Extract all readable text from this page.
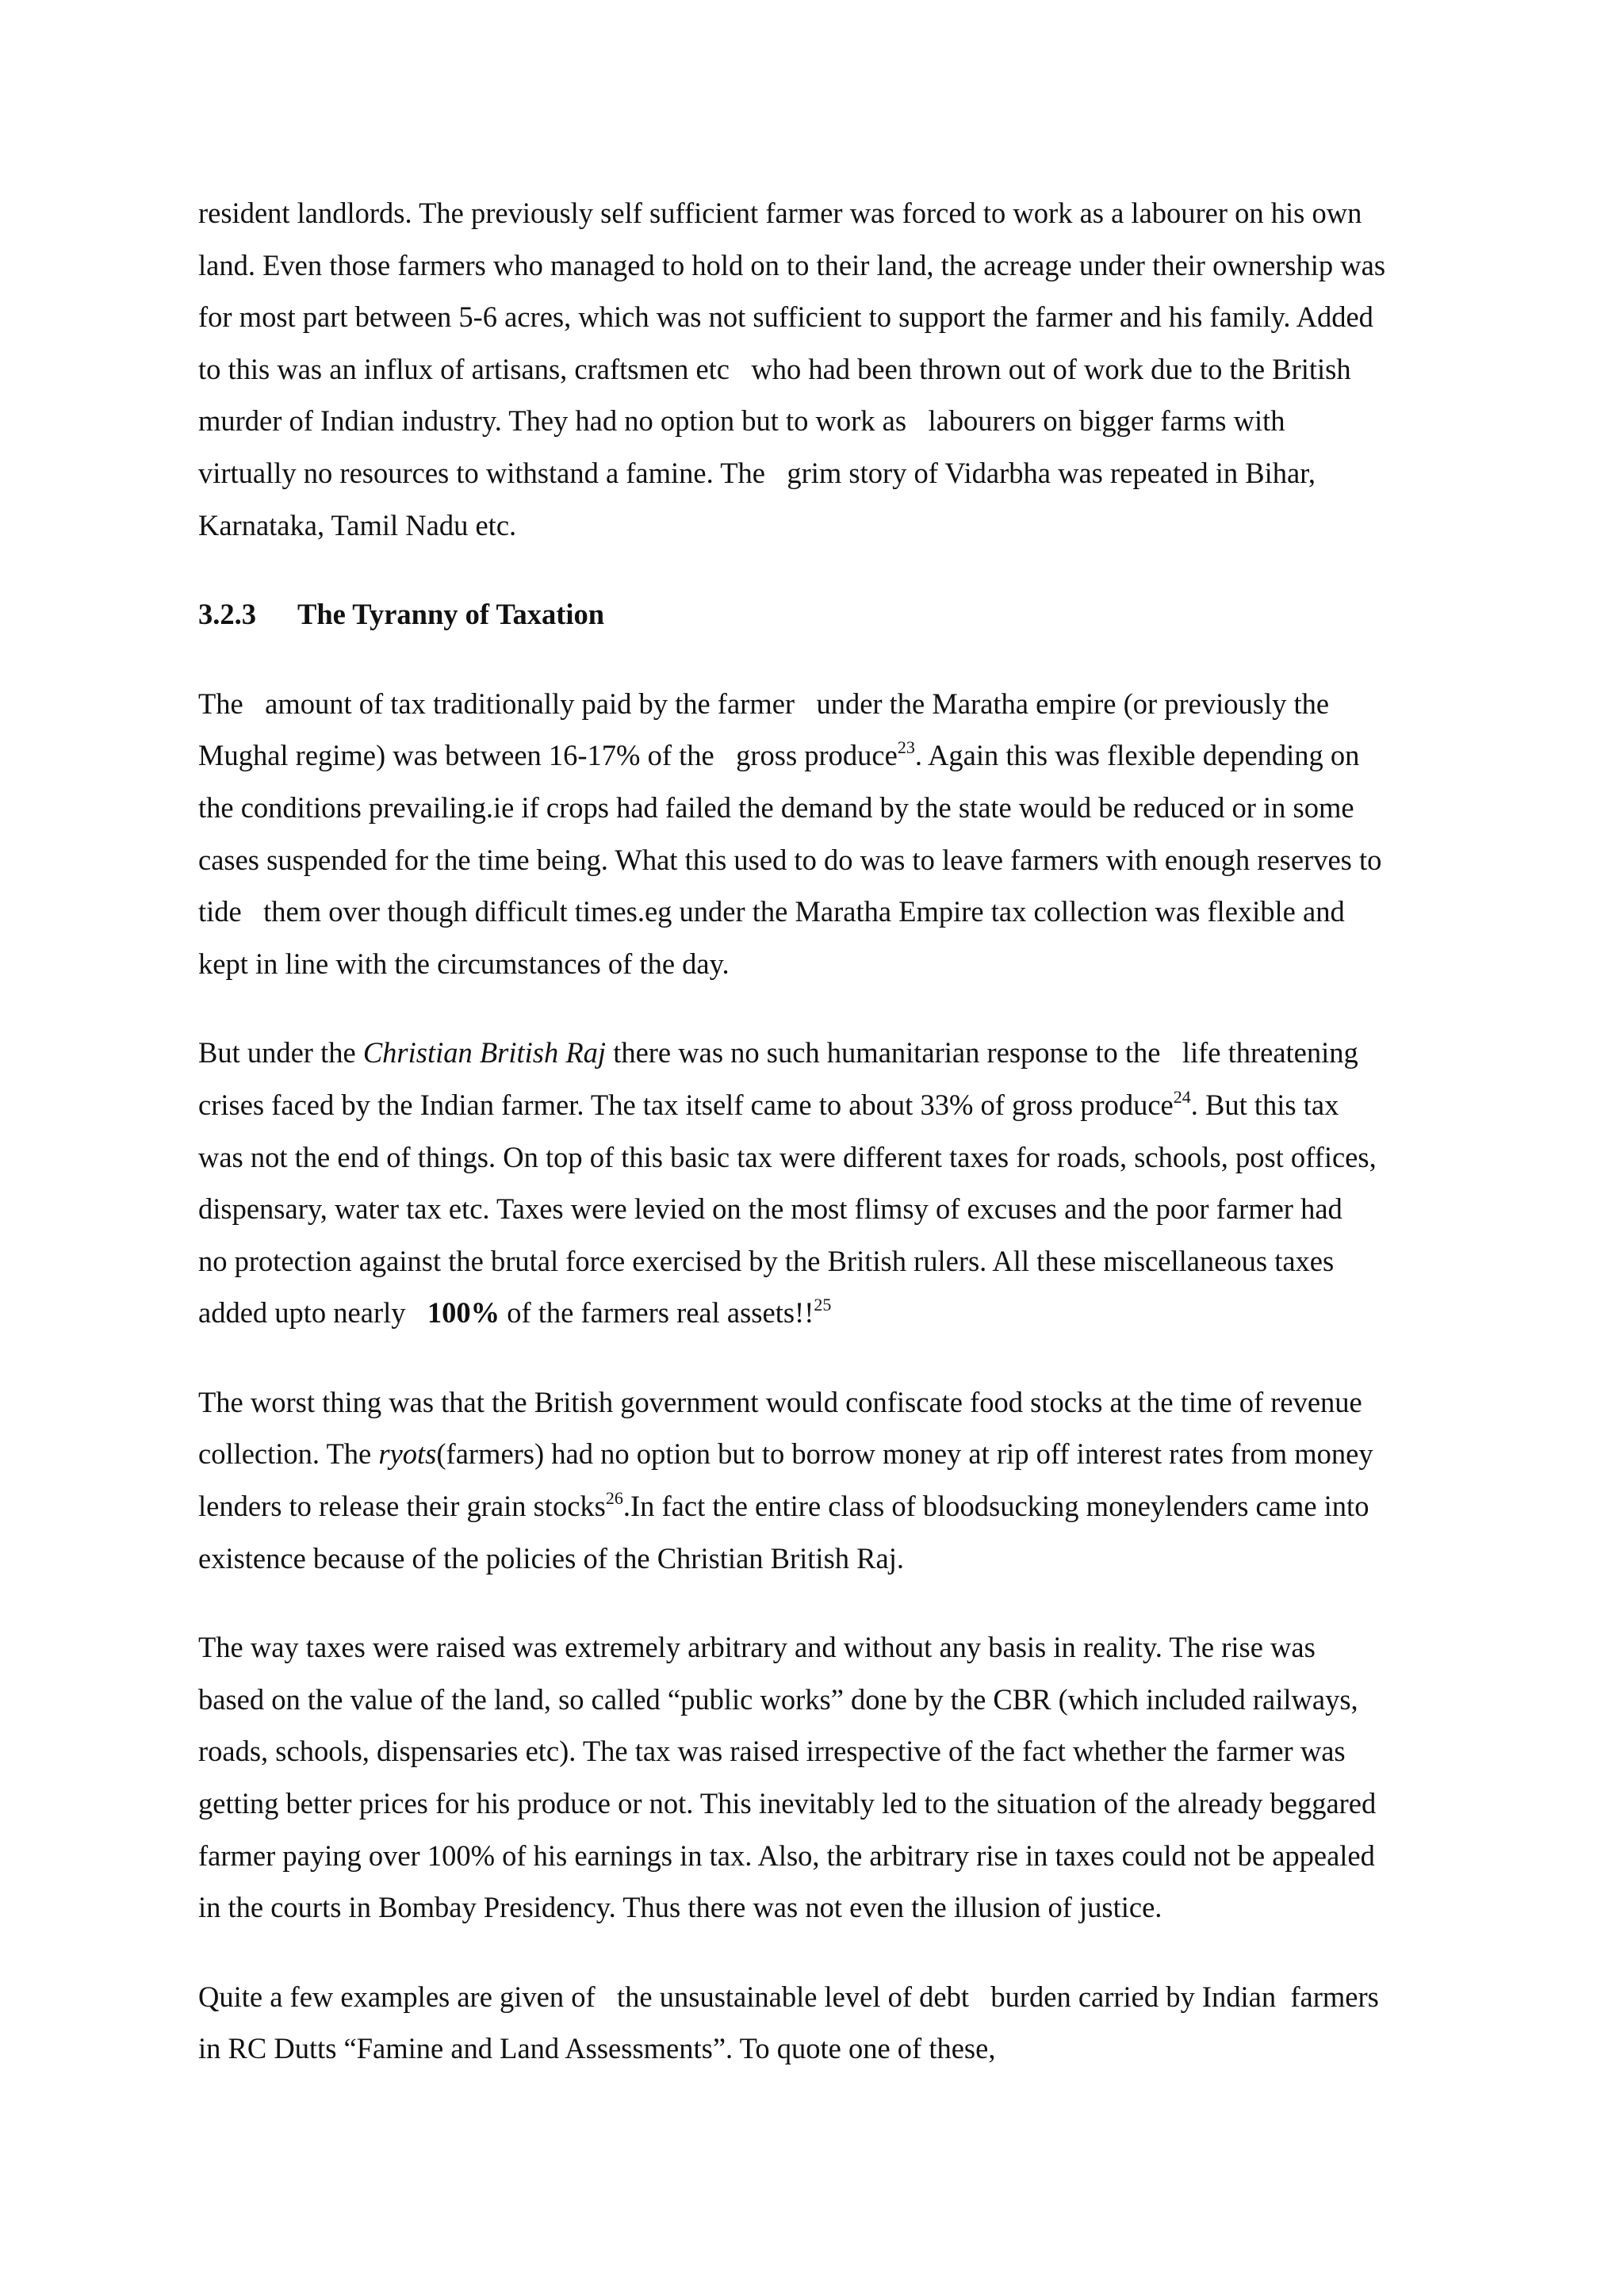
resident landlords. The previously self sufficient farmer was forced to work as a labourer on his own
land. Even those farmers who managed to hold on to their land, the acreage under their ownership was
for most part between 5-6 acres, which was not sufficient to support the farmer and his family. Added
to this was an influx of artisans, craftsmen etc   who had been thrown out of work due to the British
murder of Indian industry. They had no option but to work as   labourers on bigger farms with
virtually no resources to withstand a famine. The   grim story of Vidarbha was repeated in Bihar,
Karnataka, Tamil Nadu etc.

3.2.3 The Tyranny of Taxation

The   amount of tax traditionally paid by the farmer   under the Maratha empire (or previously the
Mughal regime) was between 16-17% of the   gross produce$^{23}$. Again this was flexible depending on
the conditions prevailing.ie if crops had failed the demand by the state would be reduced or in some
cases suspended for the time being. What this used to do was to leave farmers with enough reserves to
tide   them over though difficult times.eg under the Maratha Empire tax collection was flexible and
kept in line with the circumstances of the day.

But under the Christian British Raj there was no such humanitarian response to the   life threatening
crises faced by the Indian farmer. The tax itself came to about 33% of gross produce$^{24}$. But this tax
was not the end of things. On top of this basic tax were different taxes for roads, schools, post offices,
dispensary, water tax etc. Taxes were levied on the most flimsy of excuses and the poor farmer had
no protection against the brutal force exercised by the British rulers. All these miscellaneous taxes
added upto nearly   100% of the farmers real assets!!$^{25}$

The worst thing was that the British government would confiscate food stocks at the time of revenue
collection. The ryots(farmers) had no option but to borrow money at rip off interest rates from money
lenders to release their grain stocks$^{26}$.In fact the entire class of bloodsucking moneylenders came into
existence because of the policies of the Christian British Raj.

The way taxes were raised was extremely arbitrary and without any basis in reality. The rise was
based on the value of the land, so called “public works” done by the CBR (which included railways,
roads, schools, dispensaries etc). The tax was raised irrespective of the fact whether the farmer was
getting better prices for his produce or not. This inevitably led to the situation of the already beggared
farmer paying over 100% of his earnings in tax. Also, the arbitrary rise in taxes could not be appealed
in the courts in Bombay Presidency. Thus there was not even the illusion of justice.

Quite a few examples are given of   the unsustainable level of debt   burden carried by Indian  farmers
in RC Dutts “Famine and Land Assessments”. To quote one of these,
